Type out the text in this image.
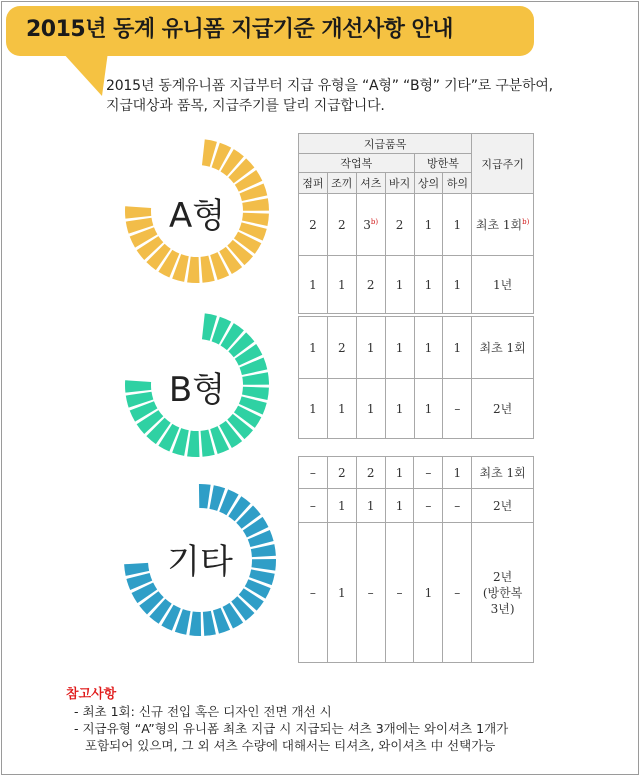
2015년 동계 유니폼 지급기준 개선사항 안내
2015년 동계유니폼 지급부터 지급 유형을 “A형” “B형” 기타”로 구분하여,
지급대상과 품목, 지급주기를 달리 지급합니다.
A형
B형
기타
지급품목						지급주기
작업복				방한복		
점퍼	조끼	셔츠	바지	상의	하의	
2	2	3$^{b)}$	2	1	1	최초 1회$^{b)}$
1	1	2	1	1	1	1년
1	2	1	1	1	1	최초 1회
1	1	1	1	1	–	2년
–	2	2	1	–	1	최초 1회
–	1	1	1	–	–	2년
–	1	–	–	1	–	2년
(방한복
3년)
참고사항
- 최초 1회: 신규 전입 혹은 디자인 전면 개선 시
- 지급유형 “A”형의 유니폼 최초 지급 시 지급되는 셔츠 3개에는 와이셔츠 1개가
포함되어 있으며, 그 외 셔츠 수량에 대해서는 티셔츠, 와이셔츠 中 선택가능
